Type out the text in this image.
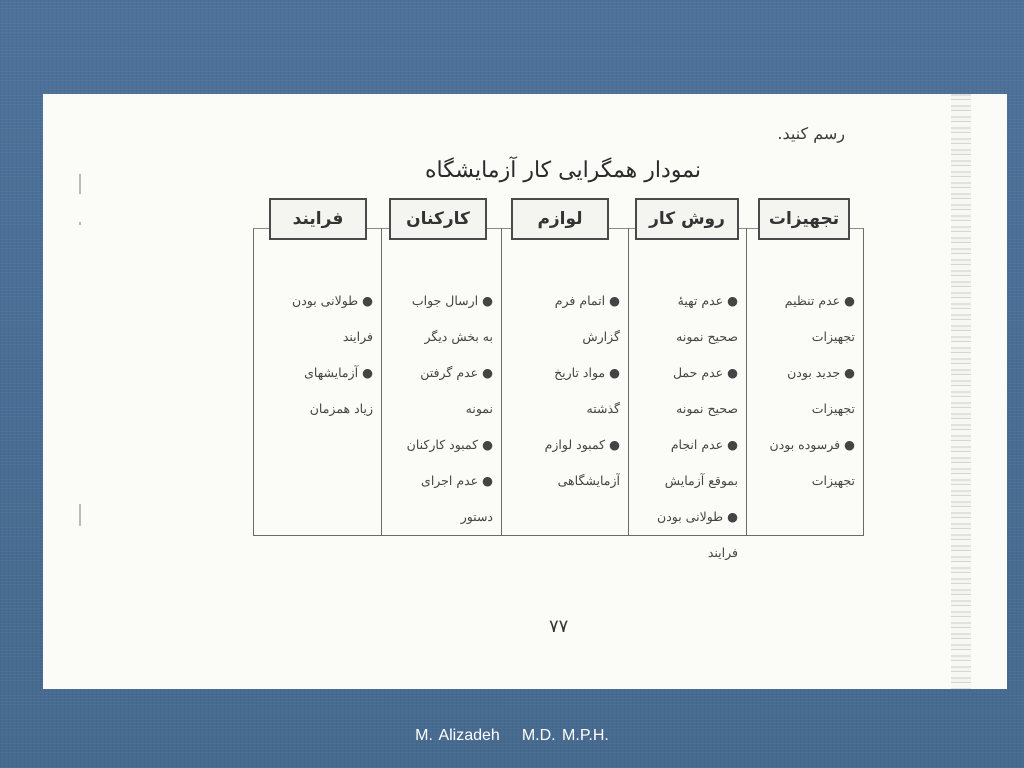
رسم کنید.
نمودار همگرایی کار آزمایشگاه
● عدم تنظیم
تجهیزات
● جدید بودن
تجهیزات
● فرسوده بودن
تجهیزات
تجهیزات
● عدم تهیهٔ
صحیح نمونه
● عدم حمل
صحیح نمونه
● عدم انجام
بموقع آزمایش
● طولانی بودن
فرایند
روش کار
● اتمام فرم
گزارش
● مواد تاریخ
گذشته
● کمبود لوازم
آزمایشگاهی
لوازم
● ارسال جواب
به بخش دیگر
● عدم گرفتن
نمونه
● کمبود کارکنان
● عدم اجرای
دستور
کارکنان
● طولانی بودن
فرایند
● آزمایشهای
زیاد همزمان
فرایند
۷۷
M. Alizadeh M.D. M.P.H.
